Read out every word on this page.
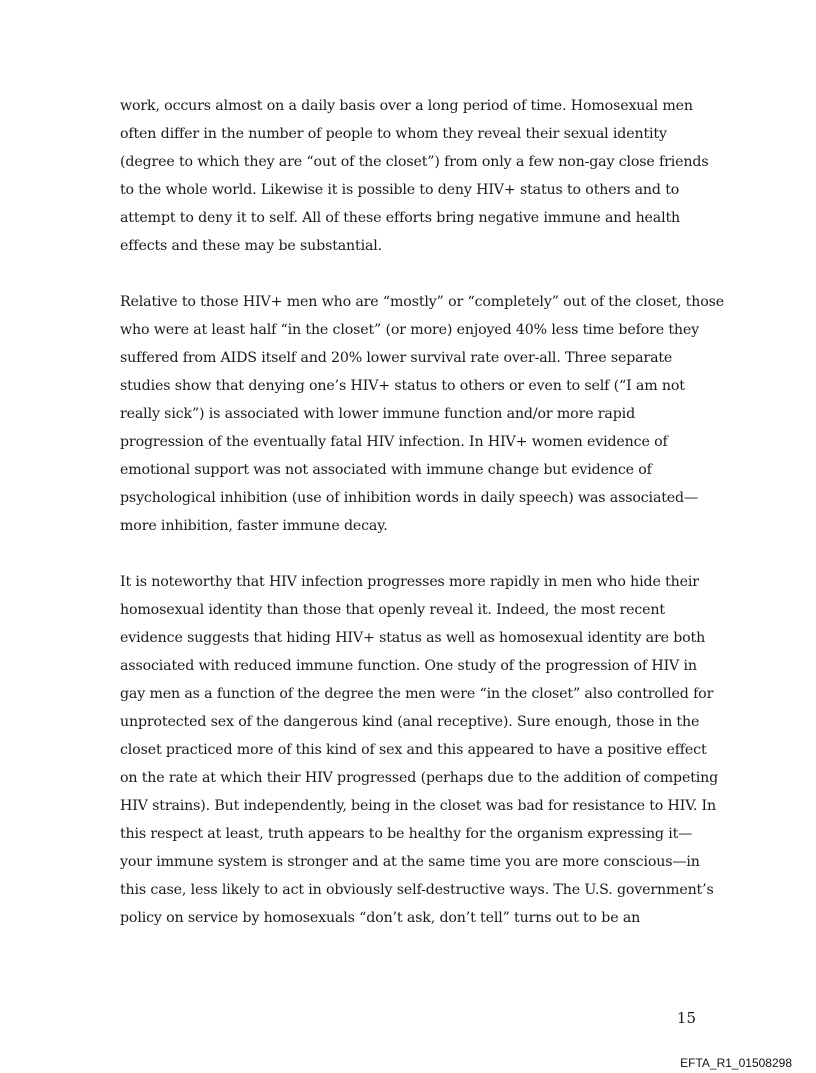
work, occurs almost on a daily basis over a long period of time. Homosexual men
often differ in the number of people to whom they reveal their sexual identity
(degree to which they are “out of the closet”) from only a few non-gay close friends
to the whole world. Likewise it is possible to deny HIV+ status to others and to
attempt to deny it to self. All of these efforts bring negative immune and health
effects and these may be substantial.
Relative to those HIV+ men who are “mostly” or “completely” out of the closet, those
who were at least half “in the closet” (or more) enjoyed 40% less time before they
suffered from AIDS itself and 20% lower survival rate over-all. Three separate
studies show that denying one’s HIV+ status to others or even to self (“I am not
really sick”) is associated with lower immune function and/or more rapid
progression of the eventually fatal HIV infection. In HIV+ women evidence of
emotional support was not associated with immune change but evidence of
psychological inhibition (use of inhibition words in daily speech) was associated—
more inhibition, faster immune decay.
It is noteworthy that HIV infection progresses more rapidly in men who hide their
homosexual identity than those that openly reveal it. Indeed, the most recent
evidence suggests that hiding HIV+ status as well as homosexual identity are both
associated with reduced immune function. One study of the progression of HIV in
gay men as a function of the degree the men were “in the closet” also controlled for
unprotected sex of the dangerous kind (anal receptive). Sure enough, those in the
closet practiced more of this kind of sex and this appeared to have a positive effect
on the rate at which their HIV progressed (perhaps due to the addition of competing
HIV strains). But independently, being in the closet was bad for resistance to HIV. In
this respect at least, truth appears to be healthy for the organism expressing it—
your immune system is stronger and at the same time you are more conscious—in
this case, less likely to act in obviously self-destructive ways. The U.S. government’s
policy on service by homosexuals “don’t ask, don’t tell” turns out to be an
15
EFTA_R1_01508298
